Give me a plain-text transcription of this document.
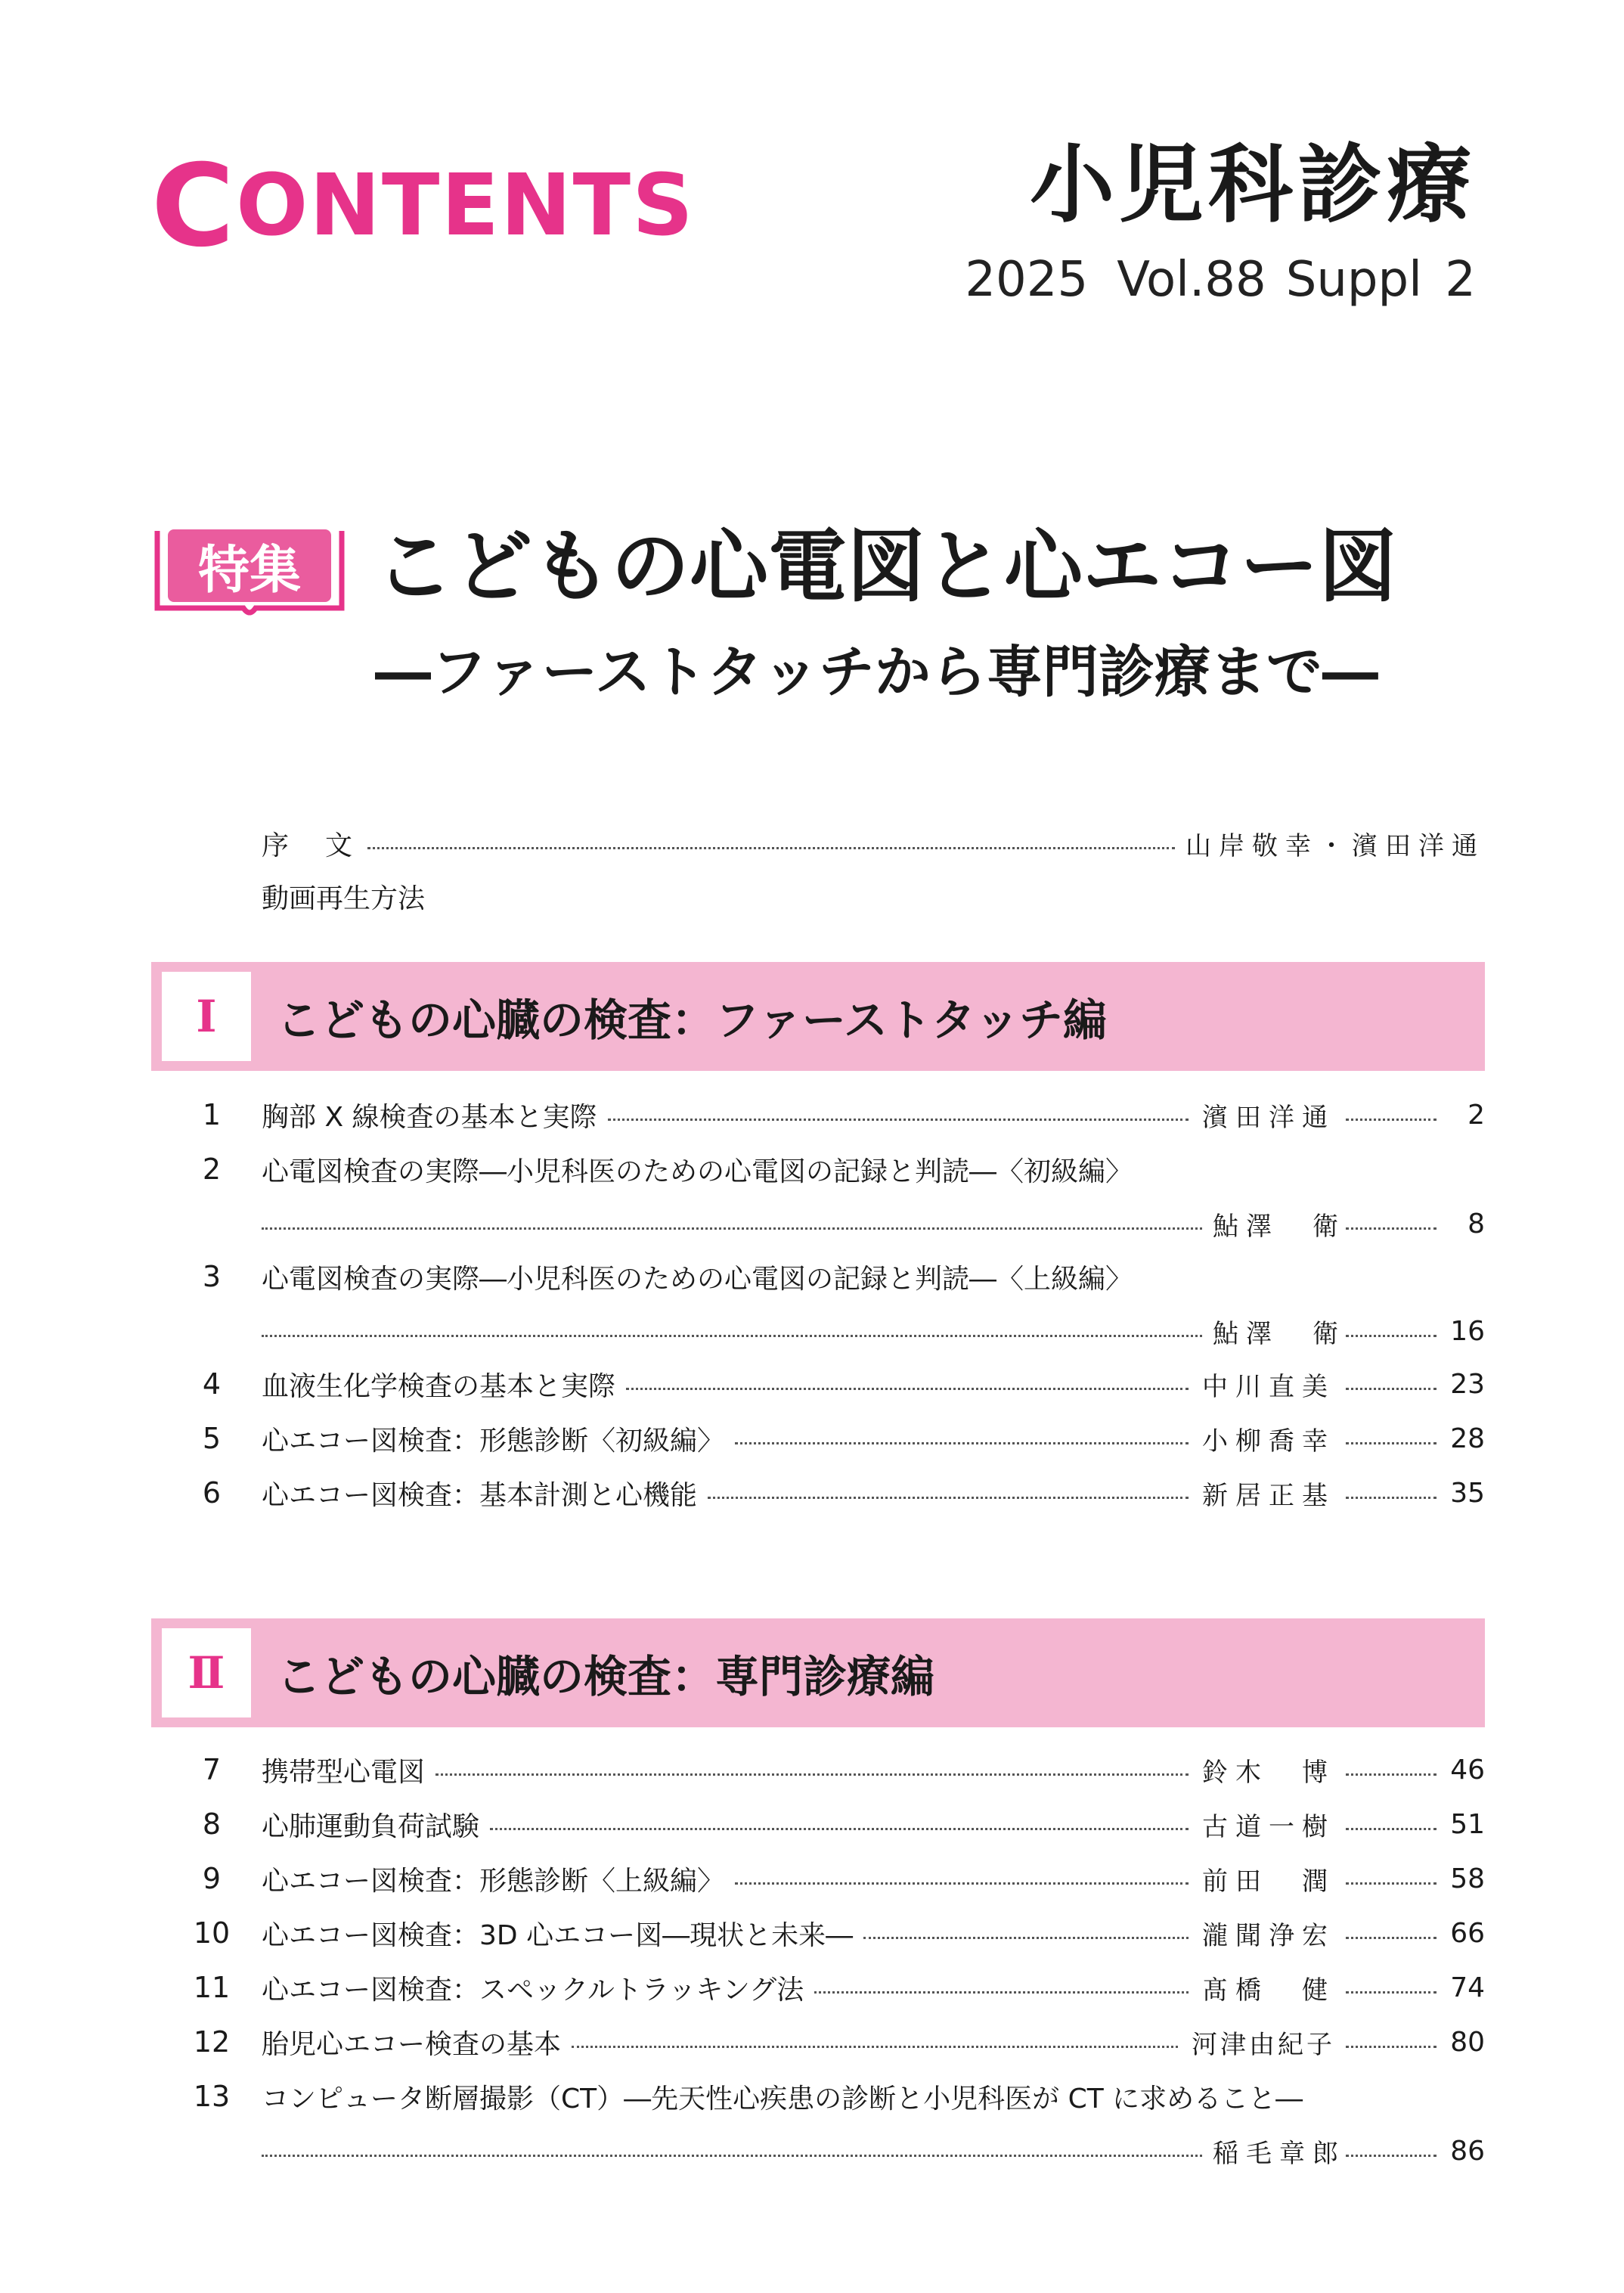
CONTENTS	小児科診療
2025 Vol.88 Suppl 2
特集 こどもの心電図と心エコー図
―ファーストタッチから専門診療まで―
序　文	山岸敬幸・濱田洋通
動画再生方法
Ⅰ	こどもの心臓の検査：ファーストタッチ編
1	胸部 X 線検査の基本と実際	濱田洋通	2
2	心電図検査の実際―小児科医のための心電図の記録と判読―〈初級編〉
鮎澤　衛	8
3	心電図検査の実際―小児科医のための心電図の記録と判読―〈上級編〉
鮎澤　衛	16
4	血液生化学検査の基本と実際	中川直美	23
5	心エコー図検査：形態診断〈初級編〉	小柳喬幸	28
6	心エコー図検査：基本計測と心機能	新居正基	35
Ⅱ	こどもの心臓の検査：専門診療編
7	携帯型心電図	鈴木　博	46
8	心肺運動負荷試験	古道一樹	51
9	心エコー図検査：形態診断〈上級編〉	前田　潤	58
10	心エコー図検査：3D 心エコー図―現状と未来―	瀧聞浄宏	66
11	心エコー図検査：スペックルトラッキング法	髙橋　健	74
12	胎児心エコー検査の基本	河津由紀子	80
13	コンピュータ断層撮影（CT）―先天性心疾患の診断と小児科医が CT に求めること―
稲毛章郎	86
